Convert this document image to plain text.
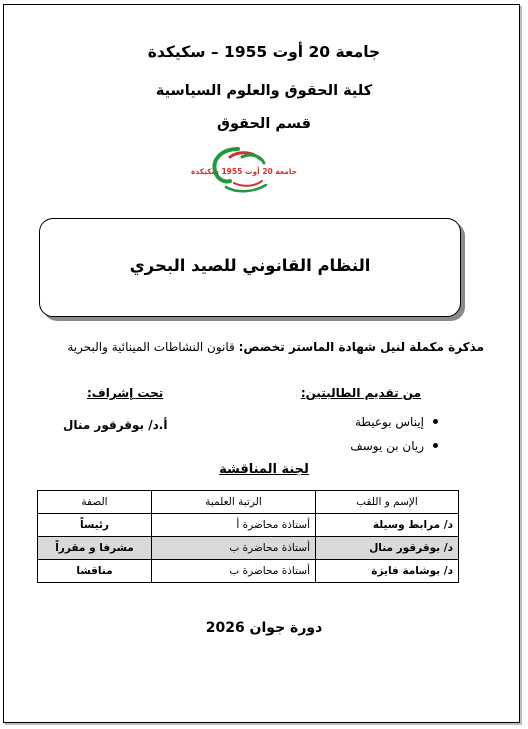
جامعة 20 أوت 1955 – سكيكدة
كلية الحقوق والعلوم السياسية
قسم الحقوق
جامعة 20 أوت 1955 سكيكدة
النظام القانوني للصيد البحري
مذكرة مكملة لنيل شهادة الماستر تخصص: قانون النشاطات المينائية والبحرية
من تقديم الطالبتين:
إيناس بوعيطة
ريان بن يوسف
تحت إشراف:
أ.د/ بوقرقور منال
لجنة المناقشة
الإسم و اللقب	الرتبة العلمية	الصفة
د/ مرابط وسيلة	أستاذة محاضرة أ	رئيساً
د/ بوقرقور منال	أستاذة محاضرة ب	مشرفا و مقرراً
د/ بوشامة فايزة	أستاذة محاضرة ب	مناقشا
دورة جوان 2026
